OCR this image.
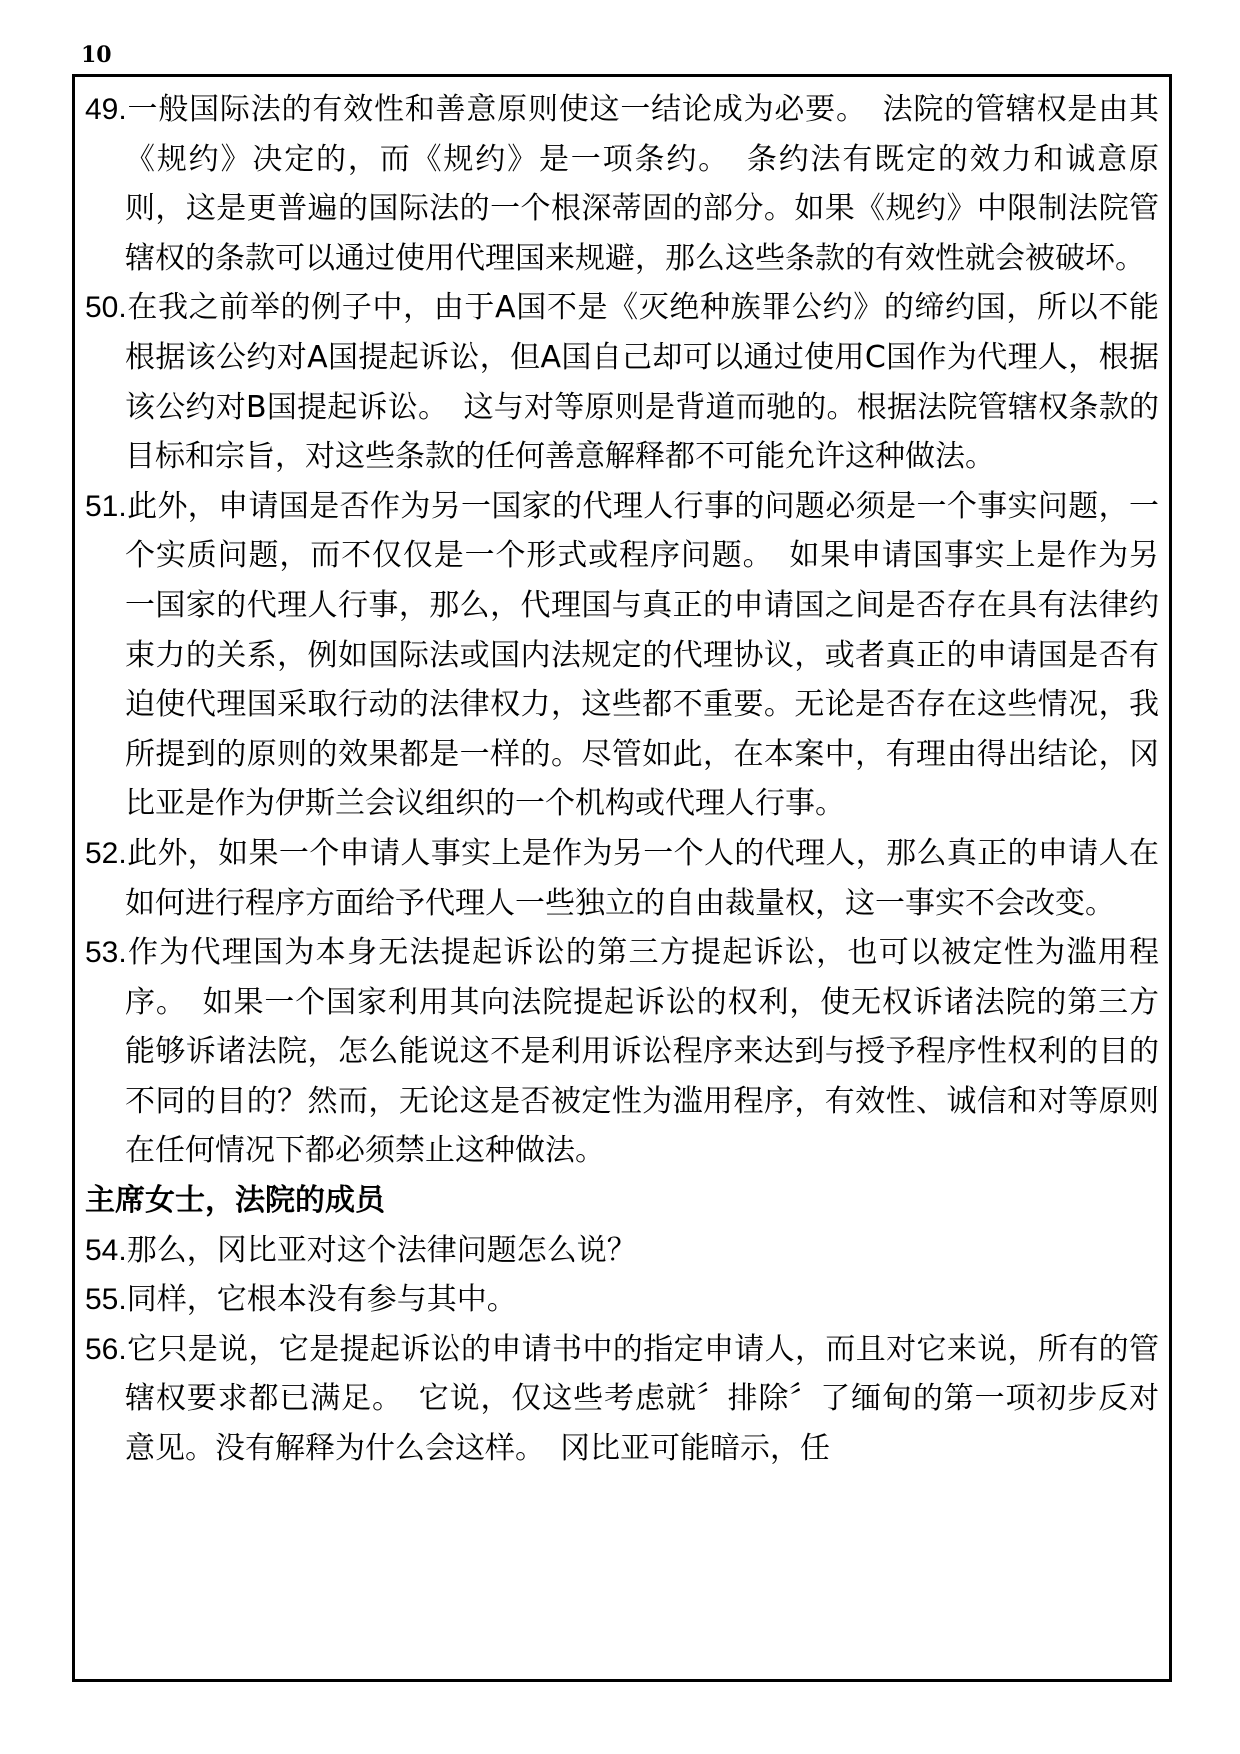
10

49.一般国际法的有效性和善意原则使这一结论成为必要。　法院的管辖权是由其《规约》决定的，而《规约》是一项条约。　条约法有既定的效力和诚意原则，这是更普遍的国际法的一个根深蒂固的部分。如果《规约》中限制法院管辖权的条款可以通过使用代理国来规避，那么这些条款的有效性就会被破坏。

50.在我之前举的例子中，由于A国不是《灭绝种族罪公约》的缔约国，所以不能根据该公约对A国提起诉讼，但A国自己却可以通过使用C国作为代理人，根据该公约对B国提起诉讼。　这与对等原则是背道而驰的。根据法院管辖权条款的目标和宗旨，对这些条款的任何善意解释都不可能允许这种做法。

51.此外，申请国是否作为另一国家的代理人行事的问题必须是一个事实问题，一个实质问题，而不仅仅是一个形式或程序问题。　如果申请国事实上是作为另一国家的代理人行事，那么，代理国与真正的申请国之间是否存在具有法律约束力的关系，例如国际法或国内法规定的代理协议，或者真正的申请国是否有迫使代理国采取行动的法律权力，这些都不重要。无论是否存在这些情况，我所提到的原则的效果都是一样的。尽管如此，在本案中，有理由得出结论，冈比亚是作为伊斯兰会议组织的一个机构或代理人行事。

52.此外，如果一个申请人事实上是作为另一个人的代理人，那么真正的申请人在如何进行程序方面给予代理人一些独立的自由裁量权，这一事实不会改变。

53.作为代理国为本身无法提起诉讼的第三方提起诉讼，也可以被定性为滥用程序。　如果一个国家利用其向法院提起诉讼的权利，使无权诉诸法院的第三方能够诉诸法院，怎么能说这不是利用诉讼程序来达到与授予程序性权利的目的不同的目的？然而，无论这是否被定性为滥用程序，有效性、诚信和对等原则在任何情况下都必须禁止这种做法。

主席女士，法院的成员

54.那么，冈比亚对这个法律问题怎么说？

55.同样，它根本没有参与其中。

56.它只是说，它是提起诉讼的申请书中的指定申请人，而且对它来说，所有的管辖权要求都已满足。　它说，仅这些考虑就〞排除〞了缅甸的第一项初步反对意见。没有解释为什么会这样。　冈比亚可能暗示，任
